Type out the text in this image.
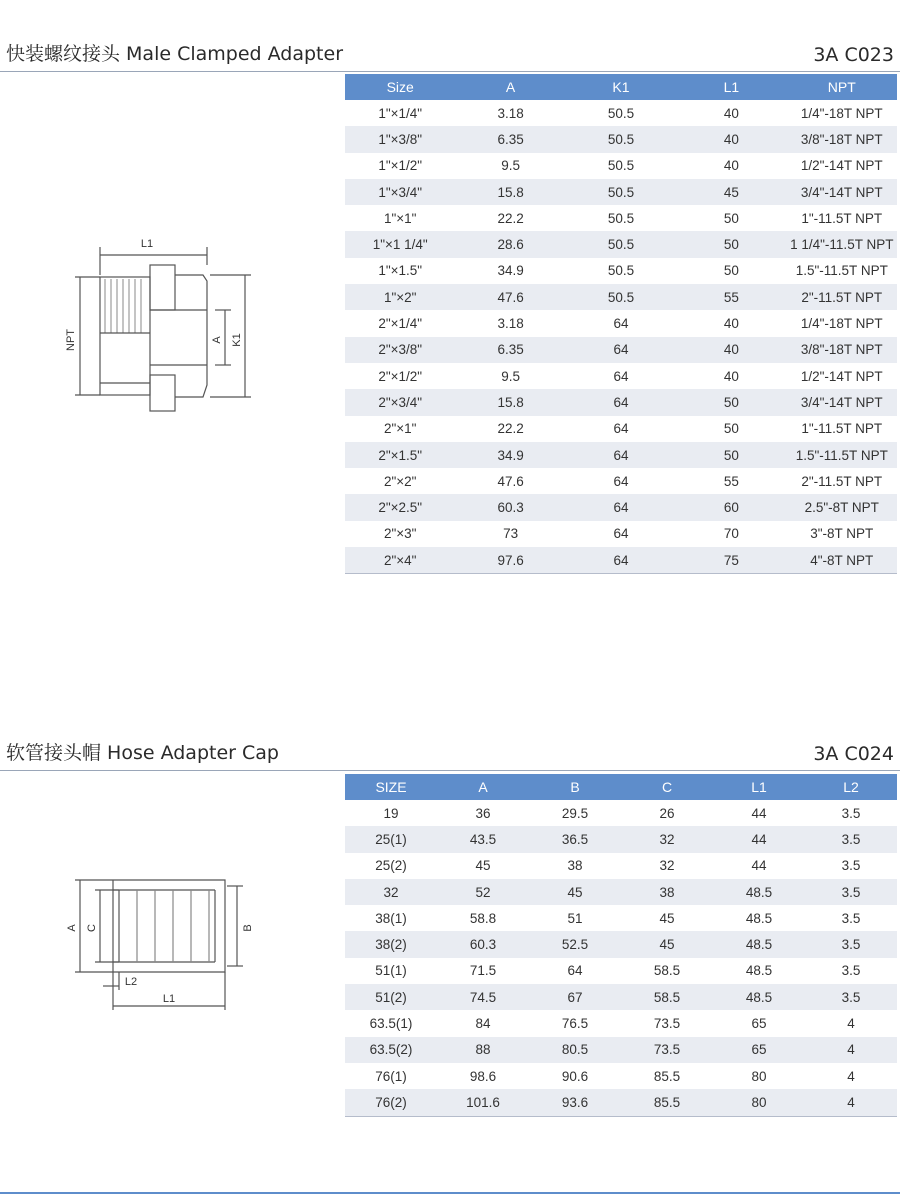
快装螺纹接头 Male Clamped Adapter	3A C023
L1
NPT	A K1
Size	A	K1	L1	NPT
1"×1/4"	3.18	50.5	40	1/4"-18T NPT
1"×3/8"	6.35	50.5	40	3/8"-18T NPT
1"×1/2"	9.5	50.5	40	1/2"-14T NPT
1"×3/4"	15.8	50.5	45	3/4"-14T NPT
1"×1"	22.2	50.5	50	1"-11.5T NPT
1"×1 1/4"	28.6	50.5	50	1 1/4"-11.5T NPT
1"×1.5"	34.9	50.5	50	1.5"-11.5T NPT
1"×2"	47.6	50.5	55	2"-11.5T NPT
2"×1/4"	3.18	64	40	1/4"-18T NPT
2"×3/8"	6.35	64	40	3/8"-18T NPT
2"×1/2"	9.5	64	40	1/2"-14T NPT
2"×3/4"	15.8	64	50	3/4"-14T NPT
2"×1"	22.2	64	50	1"-11.5T NPT
2"×1.5"	34.9	64	50	1.5"-11.5T NPT
2"×2"	47.6	64	55	2"-11.5T NPT
2"×2.5"	60.3	64	60	2.5"-8T NPT
2"×3"	73	64	70	3"-8T NPT
2"×4"	97.6	64	75	4"-8T NPT
软管接头帽 Hose Adapter Cap	3A C024
A C	B
L2
L1
SIZE	A	B	C	L1	L2
19	36	29.5	26	44	3.5
25(1)	43.5	36.5	32	44	3.5
25(2)	45	38	32	44	3.5
32	52	45	38	48.5	3.5
38(1)	58.8	51	45	48.5	3.5
38(2)	60.3	52.5	45	48.5	3.5
51(1)	71.5	64	58.5	48.5	3.5
51(2)	74.5	67	58.5	48.5	3.5
63.5(1)	84	76.5	73.5	65	4
63.5(2)	88	80.5	73.5	65	4
76(1)	98.6	90.6	85.5	80	4
76(2)	101.6	93.6	85.5	80	4
